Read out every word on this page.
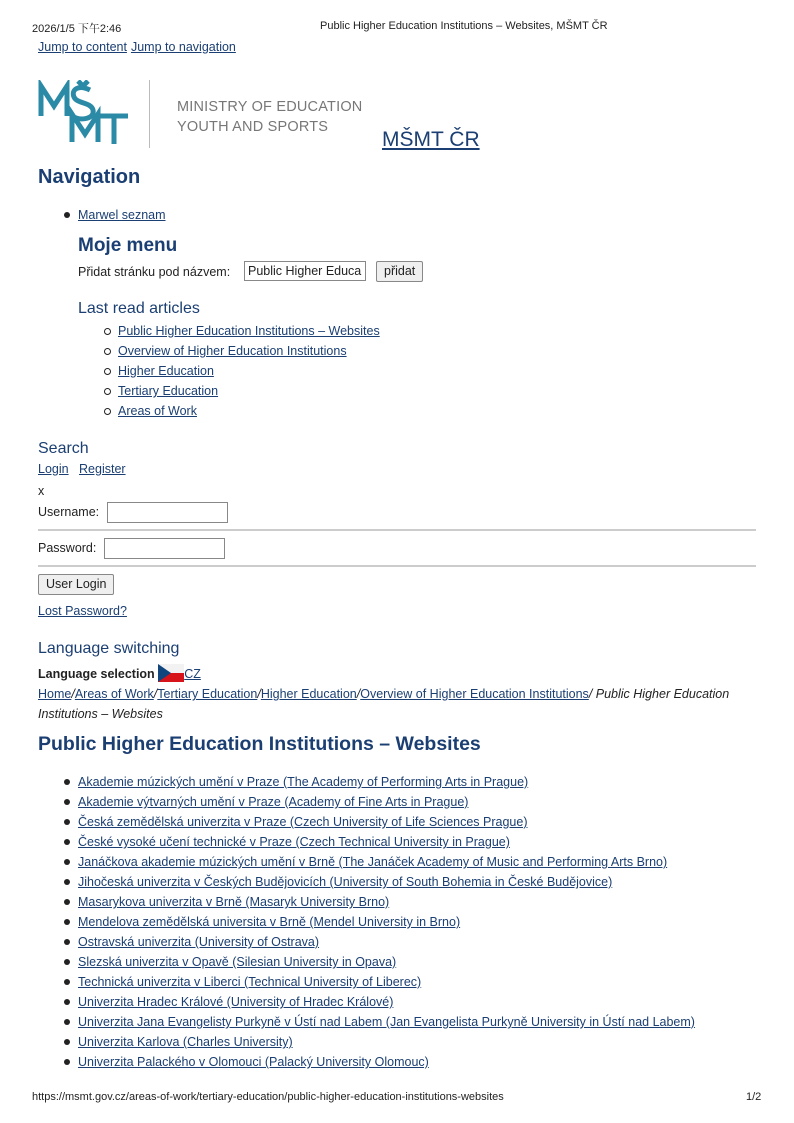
2026/1/5 下午2:46	Public Higher Education Institutions – Websites, MŠMT ČR
Jump to content Jump to navigation
MINISTRY OF EDUCATION
YOUTH AND SPORTS
MŠMT ČR
Navigation
Marwel seznam
Moje menu
Přidat stránku pod názvem:
Public Higher Educa	přidat
Last read articles
Public Higher Education Institutions – Websites
Overview of Higher Education Institutions
Higher Education
Tertiary Education
Areas of Work
Search
Login Register
x
Username:
Password:
User Login
Lost Password?
Language switching
Language selection CZ
Home/Areas of Work/Tertiary Education/Higher Education/Overview of Higher Education Institutions/ Public Higher Education Institutions – Websites
Public Higher Education Institutions – Websites
Akademie múzických umění v Praze (The Academy of Performing Arts in Prague)
Akademie výtvarných umění v Praze (Academy of Fine Arts in Prague)
Česká zemědělská univerzita v Praze (Czech University of Life Sciences Prague)
České vysoké učení technické v Praze (Czech Technical University in Prague)
Janáčkova akademie múzických umění v Brně (The Janáček Academy of Music and Performing Arts Brno)
Jihočeská univerzita v Českých Budějovicích (University of South Bohemia in České Budějovice)
Masarykova univerzita v Brně (Masaryk University Brno)
Mendelova zemědělská universita v Brně (Mendel University in Brno)
Ostravská univerzita (University of Ostrava)
Slezská univerzita v Opavě (Silesian University in Opava)
Technická univerzita v Liberci (Technical University of Liberec)
Univerzita Hradec Králové (University of Hradec Králové)
Univerzita Jana Evangelisty Purkyně v Ústí nad Labem (Jan Evangelista Purkyně University in Ústí nad Labem)
Univerzita Karlova (Charles University)
Univerzita Palackého v Olomouci (Palacký University Olomouc)
https://msmt.gov.cz/areas-of-work/tertiary-education/public-higher-education-institutions-websites	1/2
